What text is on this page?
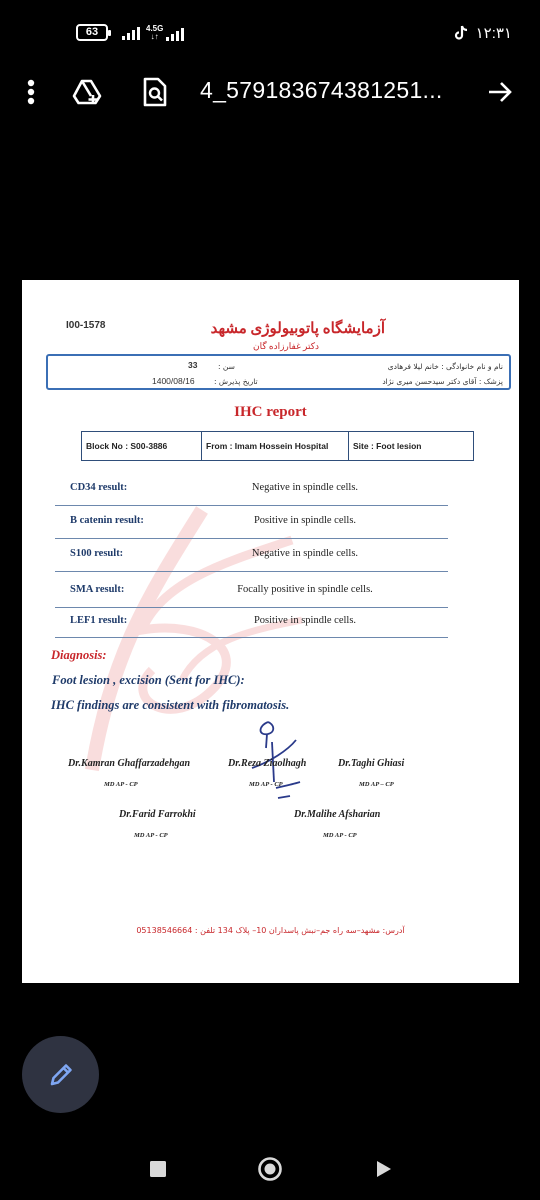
63	4.5G
↓↑	۱۲:۳۱
4_579183674381251...
I00-1578	آزمایشگاه پاتوبیولوژی مشهد
دکتر غفارزاده گان
نام و نام خانوادگی : خانم لیلا فرهادی
پزشک : آقای دکتر سیدحسن میری نژاد
سن :
33
تاریخ پذیرش :
1400/08/16
IHC report
Block No : S00-3886	From : Imam Hossein Hospital	Site : Foot lesion
CD34 result:	Negative in spindle cells.
B catenin result:	Positive in spindle cells.
S100 result:	Negative in spindle cells.
SMA result:	Focally positive in spindle cells.
LEF1 result:	Positive in spindle cells.
Diagnosis:
Foot lesion , excision (Sent for IHC):
IHC findings are consistent with fibromatosis.
Dr.Kamran Ghaffarzadehgan
MD AP - CP
Dr.Reza Ziaolhagh
MD AP - CP
Dr.Taghi Ghiasi
MD AP – CP
Dr.Farid Farrokhi
MD AP - CP
Dr.Malihe Afsharian
MD AP - CP
آدرس: مشهد–سه راه جم–نبش پاسداران 10– پلاک 134 تلفن : 05138546664
